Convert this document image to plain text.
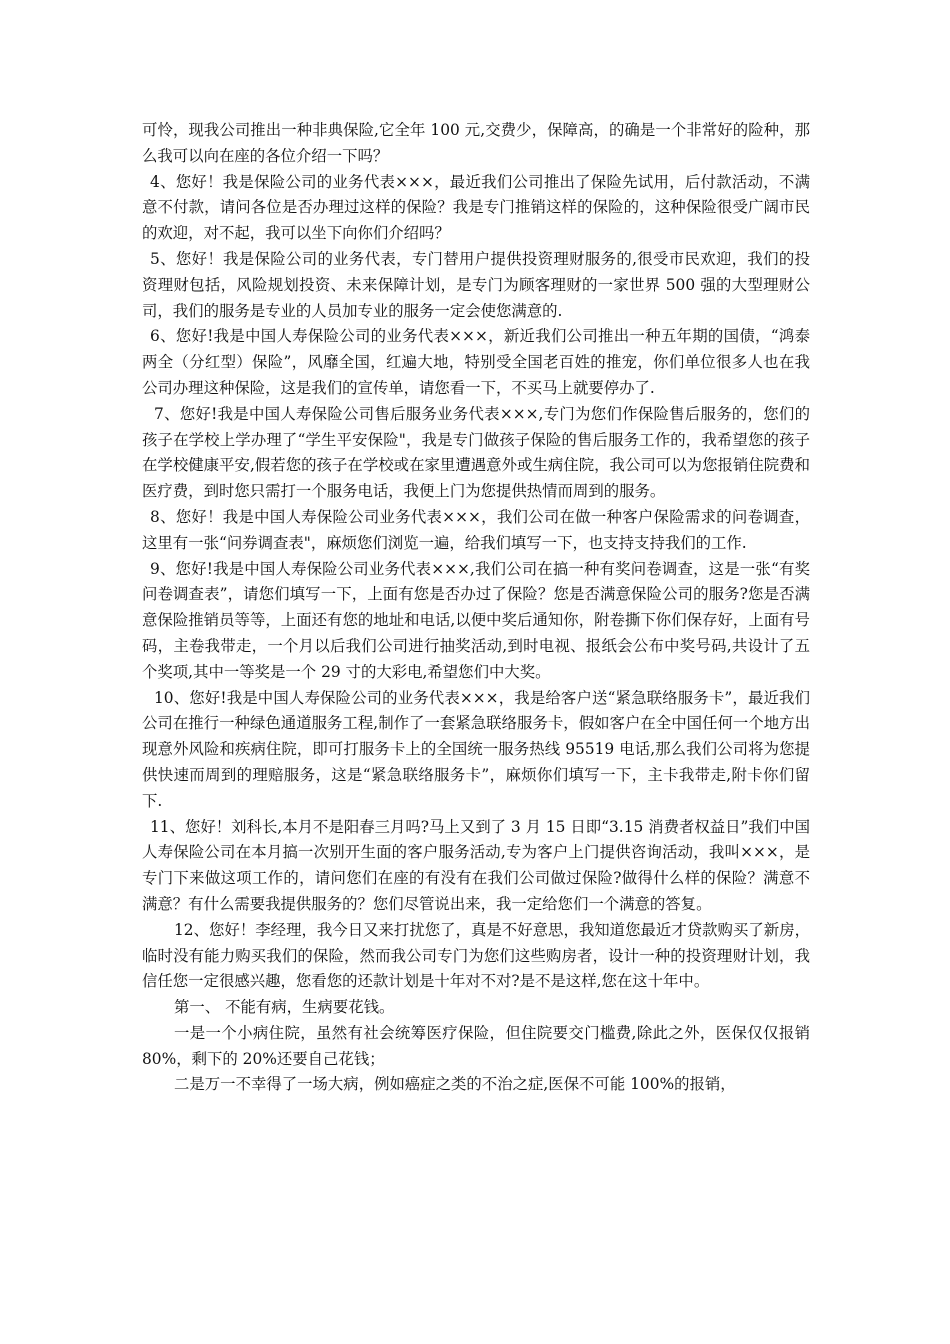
可怜，现我公司推出一种非典保险,它全年 100 元,交费少，保障高，的确是一个非常好的险种，那么我可以向在座的各位介绍一下吗？

4、您好！我是保险公司的业务代表×××，最近我们公司推出了保险先试用，后付款活动，不满意不付款，请问各位是否办理过这样的保险？我是专门推销这样的保险的，这种保险很受广阔市民的欢迎，对不起，我可以坐下向你们介绍吗？

5、您好！我是保险公司的业务代表，专门替用户提供投资理财服务的,很受市民欢迎，我们的投资理财包括，风险规划投资、未来保障计划，是专门为顾客理财的一家世界 500 强的大型理财公司，我们的服务是专业的人员加专业的服务一定会使您满意的.

6、您好!我是中国人寿保险公司的业务代表×××，新近我们公司推出一种五年期的国债，“鸿泰两全（分红型）保险”，风靡全国，红遍大地，特别受全国老百姓的推宠，你们单位很多人也在我公司办理这种保险，这是我们的宣传单，请您看一下，不买马上就要停办了.

7、您好!我是中国人寿保险公司售后服务业务代表×××,专门为您们作保险售后服务的，您们的孩子在学校上学办理了“学生平安保险"，我是专门做孩子保险的售后服务工作的，我希望您的孩子在学校健康平安,假若您的孩子在学校或在家里遭遇意外或生病住院，我公司可以为您报销住院费和医疗费，到时您只需打一个服务电话，我便上门为您提供热情而周到的服务。

8、您好！我是中国人寿保险公司业务代表×××，我们公司在做一种客户保险需求的问卷调查，这里有一张“问券调查表"，麻烦您们浏览一遍，给我们填写一下，也支持支持我们的工作.

9、您好!我是中国人寿保险公司业务代表×××,我们公司在搞一种有奖问卷调查，这是一张“有奖问卷调查表”，请您们填写一下，上面有您是否办过了保险？您是否满意保险公司的服务?您是否满意保险推销员等等，上面还有您的地址和电话,以便中奖后通知你，附卷撕下你们保存好，上面有号码，主卷我带走，一个月以后我们公司进行抽奖活动,到时电视、报纸会公布中奖号码,共设计了五个奖项,其中一等奖是一个 29 寸的大彩电,希望您们中大奖。

10、您好!我是中国人寿保险公司的业务代表×××，我是给客户送“紧急联络服务卡”，最近我们公司在推行一种绿色通道服务工程,制作了一套紧急联络服务卡，假如客户在全中国任何一个地方出现意外风险和疾病住院，即可打服务卡上的全国统一服务热线 95519 电话,那么我们公司将为您提供快速而周到的理赔服务，这是“紧急联络服务卡”，麻烦你们填写一下，主卡我带走,附卡你们留下.

11、您好！刘科长,本月不是阳春三月吗?马上又到了 3 月 15 日即“3.15 消费者权益日”我们中国人寿保险公司在本月搞一次别开生面的客户服务活动,专为客户上门提供咨询活动，我叫×××，是专门下来做这项工作的，请问您们在座的有没有在我们公司做过保险?做得什么样的保险？满意不满意？有什么需要我提供服务的？您们尽管说出来，我一定给您们一个满意的答复。

12、您好！李经理，我今日又来打扰您了，真是不好意思，我知道您最近才贷款购买了新房，临时没有能力购买我们的保险，然而我公司专门为您们这些购房者，设计一种的投资理财计划，我信任您一定很感兴趣，您看您的还款计划是十年对不对?是不是这样,您在这十年中。

第一、 不能有病，生病要花钱。

一是一个小病住院，虽然有社会统筹医疗保险，但住院要交门槛费,除此之外，医保仅仅报销 80%，剩下的 20%还要自己花钱；

二是万一不幸得了一场大病，例如癌症之类的不治之症,医保不可能 100%的报销，
